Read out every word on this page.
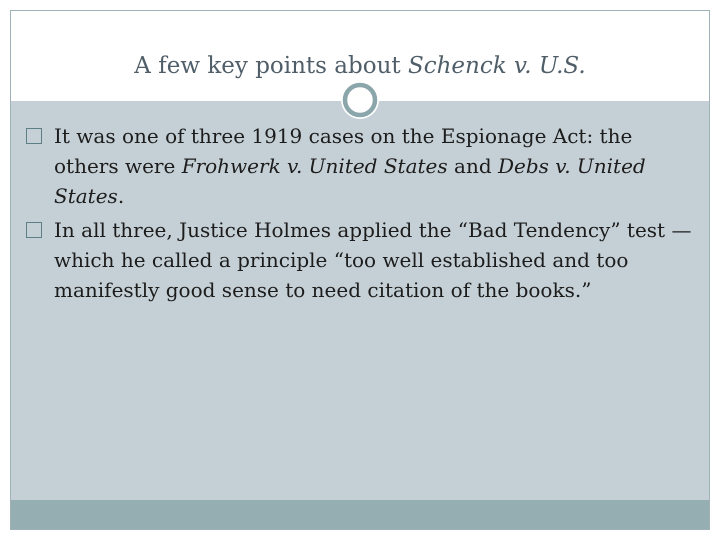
A few key points about Schenck v. U.S.
It was one of three 1919 cases on the Espionage Act: the others were Frohwerk v. United States and Debs v. United States.
In all three, Justice Holmes applied the “Bad Tendency” test —which he called a principle “too well established and too manifestly good sense to need citation of the books.”
